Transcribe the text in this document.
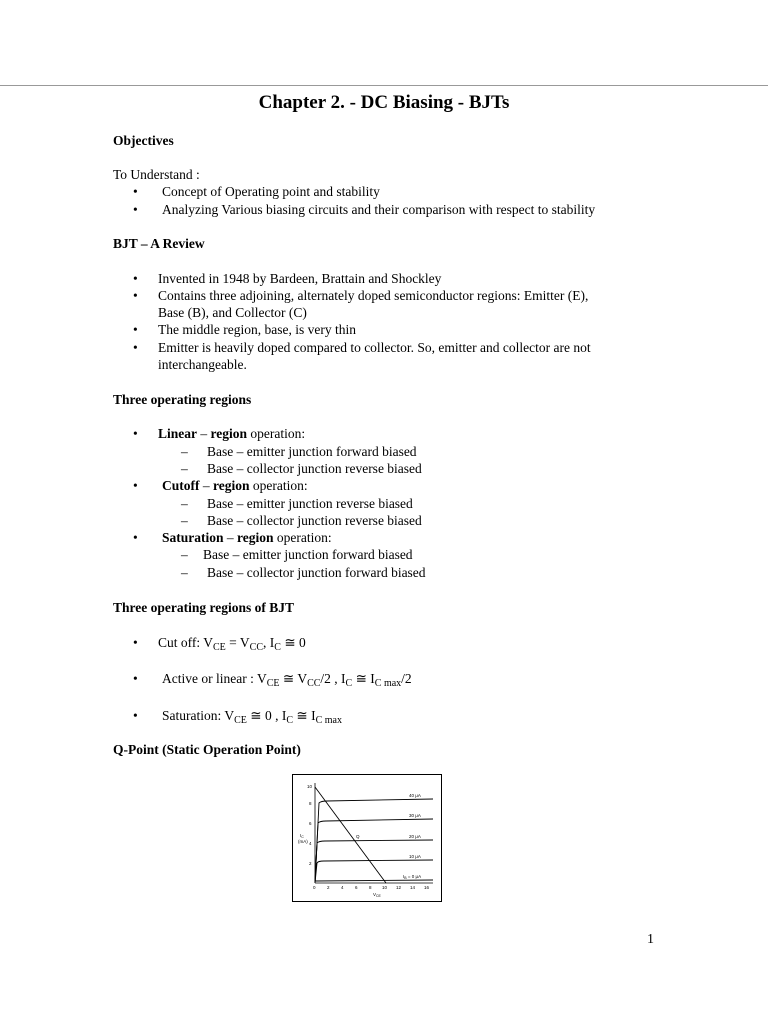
Chapter 2. - DC Biasing - BJTs
Objectives
To Understand :
• Concept of Operating point and stability
• Analyzing Various biasing circuits and their comparison with respect to stability
BJT – A Review
• Invented in 1948 by Bardeen, Brattain and Shockley
• Contains three adjoining, alternately doped semiconductor regions: Emitter (E),
Base (B), and Collector (C)
• The middle region, base, is very thin
• Emitter is heavily doped compared to collector. So, emitter and collector are not
interchangeable.
Three operating regions
• Linear – region operation:
– Base – emitter junction forward biased
– Base – collector junction reverse biased
• Cutoff – region operation:
– Base – emitter junction reverse biased
– Base – collector junction reverse biased
• Saturation – region operation:
– Base – emitter junction forward biased
– Base – collector junction forward biased
Three operating regions of BJT
• Cut off: $V_{CE} = V_{CC}$, $I_C$ ≅ 0
• Active or linear : $V_{CE}$ ≅ $V_{CC}/2$ , $I_C$ ≅ $I_{C max}/2$
• Saturation: $V_{CE}$ ≅ 0 , $I_C$ ≅ $I_{C max}$
Q-Point (Static Operation Point)
10
8
6
4
2
$I_C$
(mA)
0	2	4	6	8 10 12 14 16
$V_{CE}$
40 μA
30 μA
20 μA
10 μA
$I_B = 0$ μA
Q
1
